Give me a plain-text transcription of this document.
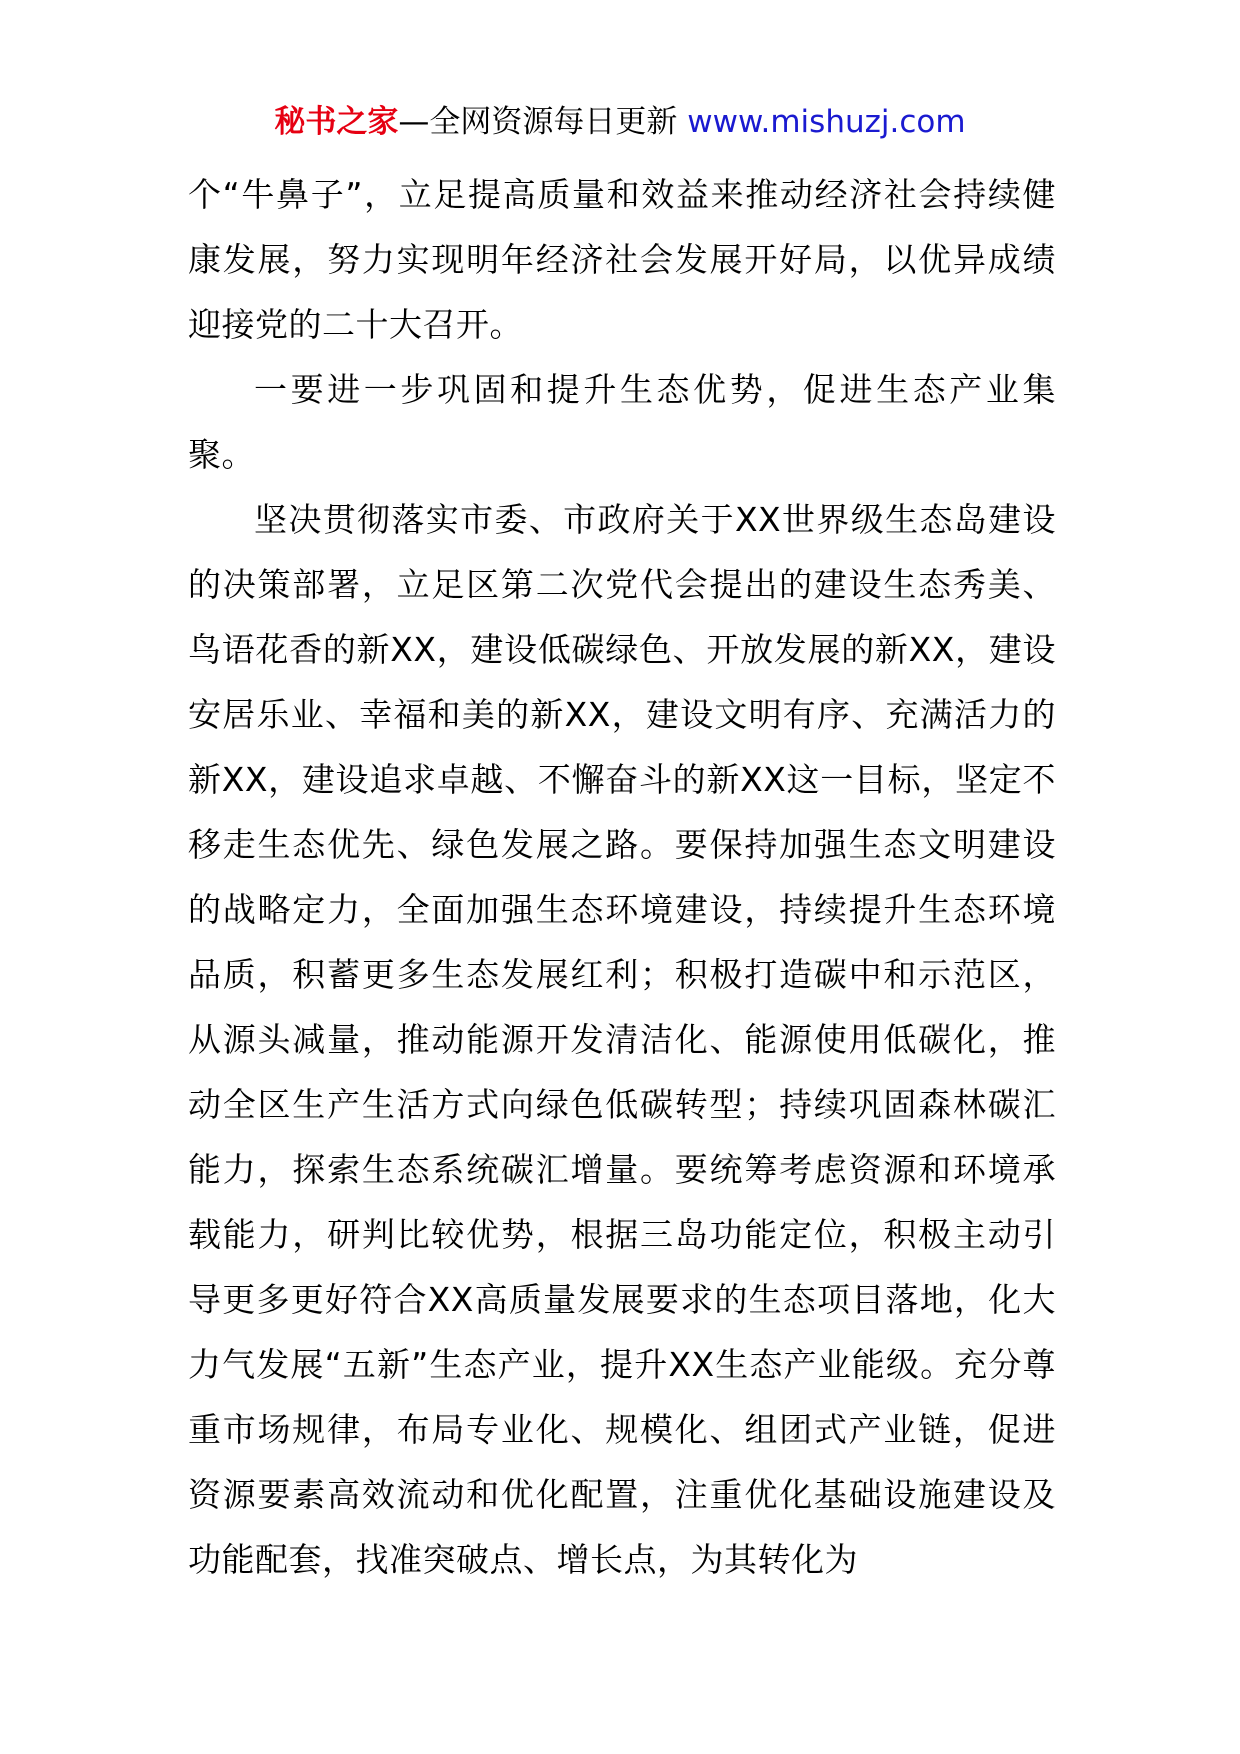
秘书之家—全网资源每日更新 www.mishuzj.com

个“牛鼻子”，立足提高质量和效益来推动经济社会持续健康发展，努力实现明年经济社会发展开好局，以优异成绩迎接党的二十大召开。

一要进一步巩固和提升生态优势，促进生态产业集聚。

坚决贯彻落实市委、市政府关于XX世界级生态岛建设的决策部署，立足区第二次党代会提出的建设生态秀美、鸟语花香的新XX，建设低碳绿色、开放发展的新XX，建设安居乐业、幸福和美的新XX，建设文明有序、充满活力的新XX，建设追求卓越、不懈奋斗的新XX这一目标，坚定不移走生态优先、绿色发展之路。要保持加强生态文明建设的战略定力，全面加强生态环境建设，持续提升生态环境品质，积蓄更多生态发展红利；积极打造碳中和示范区，从源头减量，推动能源开发清洁化、能源使用低碳化，推动全区生产生活方式向绿色低碳转型；持续巩固森林碳汇能力，探索生态系统碳汇增量。要统筹考虑资源和环境承载能力，研判比较优势，根据三岛功能定位，积极主动引导更多更好符合XX高质量发展要求的生态项目落地，化大力气发展“五新”生态产业，提升XX生态产业能级。充分尊重市场规律，布局专业化、规模化、组团式产业链，促进资源要素高效流动和优化配置，注重优化基础设施建设及功能配套，找准突破点、增长点，为其转化为
